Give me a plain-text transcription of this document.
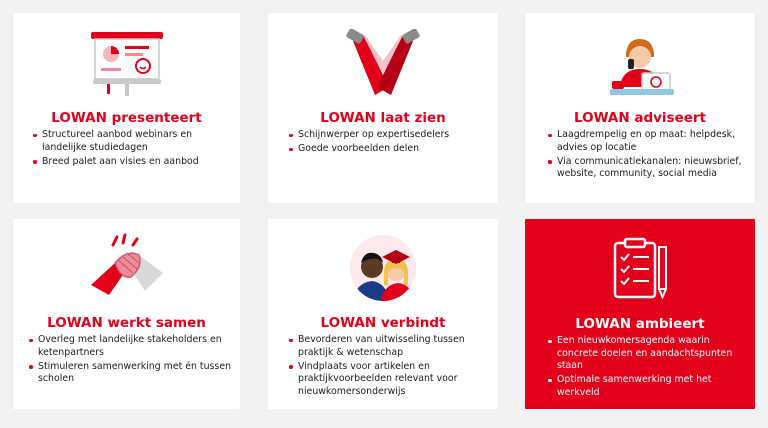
LOWAN presenteert
Structureel aanbod webinars en landelijke studiedagen
Breed palet aan visies en aanbod
LOWAN laat zien
Schijnwerper op expertisedelers
Goede voorbeelden delen
LOWAN adviseert
Laagdrempelig en op maat: helpdesk, advies op locatie
Via communicatiekanalen: nieuwsbrief, website, community, social media
LOWAN werkt samen
Overleg met landelijke stakeholders en ketenpartners
Stimuleren samenwerking met én tussen scholen
LOWAN verbindt
Bevorderen van uitwisseling tussen praktijk & wetenschap
Vindplaats voor artikelen en praktijkvoorbeelden relevant voor nieuwkomersonderwijs
LOWAN ambieert
Een nieuwkomersagenda waarin concrete doelen en aandachtspunten staan
Optimale samenwerking met het werkveld
